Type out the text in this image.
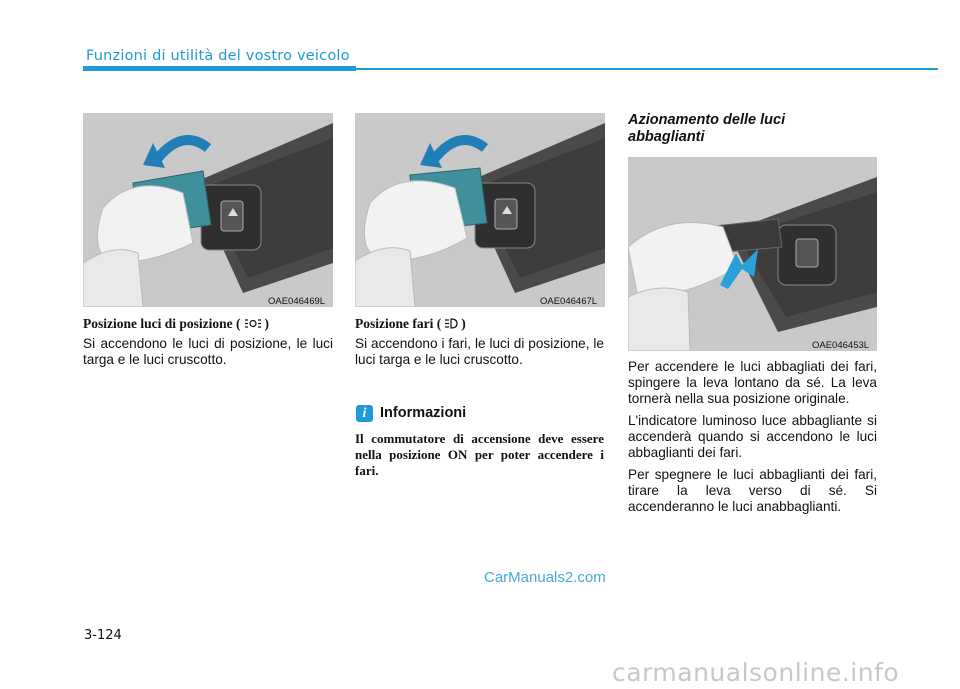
Funzioni di utilità del vostro veicolo
OAE046469L
Posizione luci di posizione ( )
Si accendono le luci di posizione, le luci targa e le luci cruscotto.
OAE046467L
Posizione fari ( )
Si accendono i fari, le luci di posizione, le luci targa e le luci cruscotto.
i Informazioni
Il commutatore di accensione deve essere nella posizione ON per poter accendere i fari.
Azionamento delle luci abbaglianti
OAE046453L

Per accendere le luci abbagliati dei fari, spingere la leva lontano da sé. La leva tornerà nella sua posizione originale.

L'indicatore luminoso luce abbagliante si accenderà quando si accendono le luci abbaglianti dei fari.

Per spegnere le luci abbaglianti dei fari, tirare la leva verso di sé. Si accenderanno le luci anabbaglianti.

CarManuals2.com
3-124
carmanualsonline.info
